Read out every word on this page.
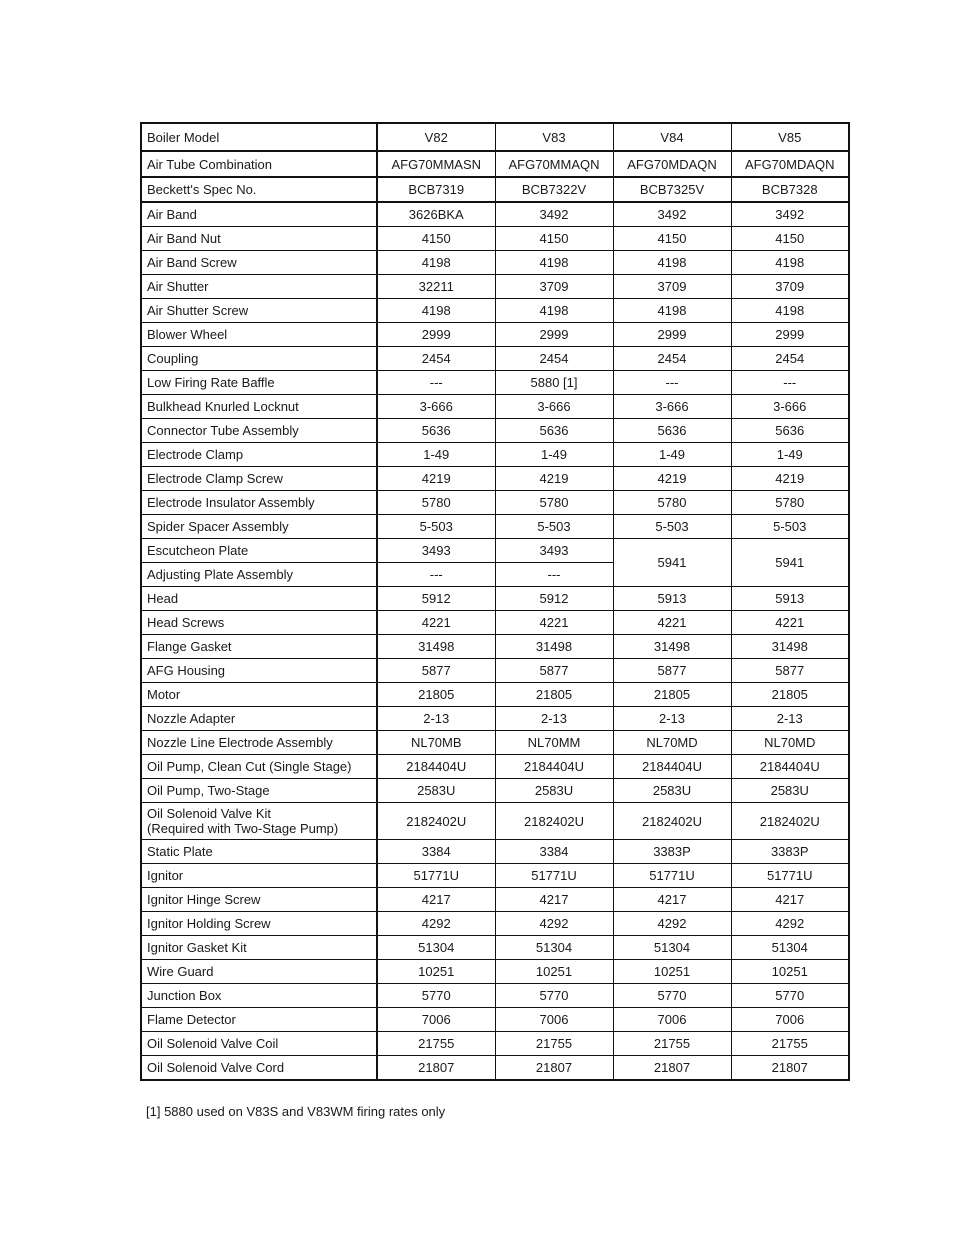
Boiler Model	V82	V83	V84	V85
Air Tube Combination	AFG70MMASN	AFG70MMAQN	AFG70MDAQN	AFG70MDAQN
Beckett's Spec No.	BCB7319	BCB7322V	BCB7325V	BCB7328
Air Band	3626BKA	3492	3492	3492
Air Band Nut	4150	4150	4150	4150
Air Band Screw	4198	4198	4198	4198
Air Shutter	32211	3709	3709	3709
Air Shutter Screw	4198	4198	4198	4198
Blower Wheel	2999	2999	2999	2999
Coupling	2454	2454	2454	2454
Low Firing Rate Baffle	---	5880 [1]	---	---
Bulkhead Knurled Locknut	3-666	3-666	3-666	3-666
Connector Tube Assembly	5636	5636	5636	5636
Electrode Clamp	1-49	1-49	1-49	1-49
Electrode Clamp Screw	4219	4219	4219	4219
Electrode Insulator Assembly	5780	5780	5780	5780
Spider Spacer Assembly	5-503	5-503	5-503	5-503
Escutcheon Plate	3493	3493	5941	5941
Adjusting Plate Assembly	---	---		
Head	5912	5912	5913	5913
Head Screws	4221	4221	4221	4221
Flange Gasket	31498	31498	31498	31498
AFG Housing	5877	5877	5877	5877
Motor	21805	21805	21805	21805
Nozzle Adapter	2-13	2-13	2-13	2-13
Nozzle Line Electrode Assembly	NL70MB	NL70MM	NL70MD	NL70MD
Oil Pump, Clean Cut (Single Stage)	2184404U	2184404U	2184404U	2184404U
Oil Pump, Two-Stage	2583U	2583U	2583U	2583U

Oil Solenoid Valve Kit
(Required with Two-Stage Pump)	2182402U	2182402U	2182402U	2182402U
Static Plate	3384	3384	3383P	3383P
Ignitor	51771U	51771U	51771U	51771U
Ignitor Hinge Screw	4217	4217	4217	4217
Ignitor Holding Screw	4292	4292	4292	4292
Ignitor Gasket Kit	51304	51304	51304	51304
Wire Guard	10251	10251	10251	10251
Junction Box	5770	5770	5770	5770
Flame Detector	7006	7006	7006	7006
Oil Solenoid Valve Coil	21755	21755	21755	21755
Oil Solenoid Valve Cord	21807	21807	21807	21807
[1] 5880 used on V83S and V83WM firing rates only
